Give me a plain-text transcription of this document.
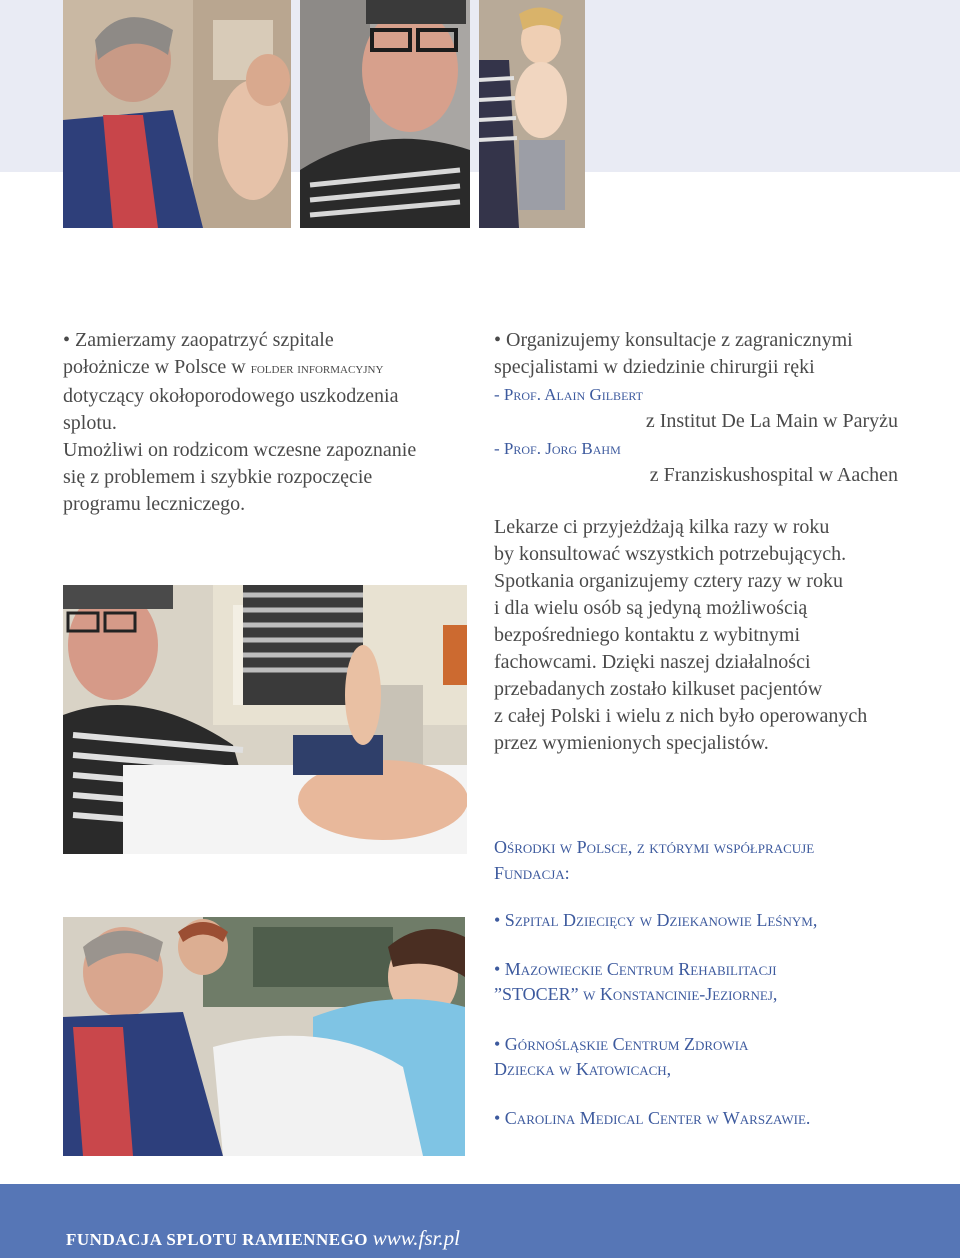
• Zamierzamy zaopatrzyć szpitale
położnicze w Polsce w folder informacyjny
dotyczący okołoporodowego uszkodzenia
splotu.
Umożliwi on rodzicom wczesne zapoznanie
się z problemem i szybkie rozpoczęcie
programu leczniczego.
• Organizujemy konsultacje z zagranicznymi
specjalistami w dziedzinie chirurgii ręki
- Prof. Alain Gilbert
z Institut De La Main w Paryżu
- Prof. Jorg Bahm
z Franziskushospital w Aachen

Lekarze ci przyjeżdżają kilka razy w roku

by konsultować wszystkich potrzebujących.

Spotkania organizujemy cztery razy w roku

i dla wielu osób są jedyną możliwością

bezpośredniego kontaktu z wybitnymi

fachowcami. Dzięki naszej działalności

przebadanych zostało kilkuset pacjentów

z całej Polski i wielu z nich było operowanych

przez wymienionych specjalistów.

Ośrodki w Polsce, z którymi współpracuje
Fundacja:
• Szpital Dziecięcy w Dziekanowie Leśnym,
• Mazowieckie Centrum Rehabilitacji
”STOCER” w Konstancinie-Jeziornej,
• Górnośląskie Centrum Zdrowia
Dziecka w Katowicach,
• Carolina Medical Center w Warszawie.
FUNDACJA SPLOTU RAMIENNEGO www.fsr.pl
